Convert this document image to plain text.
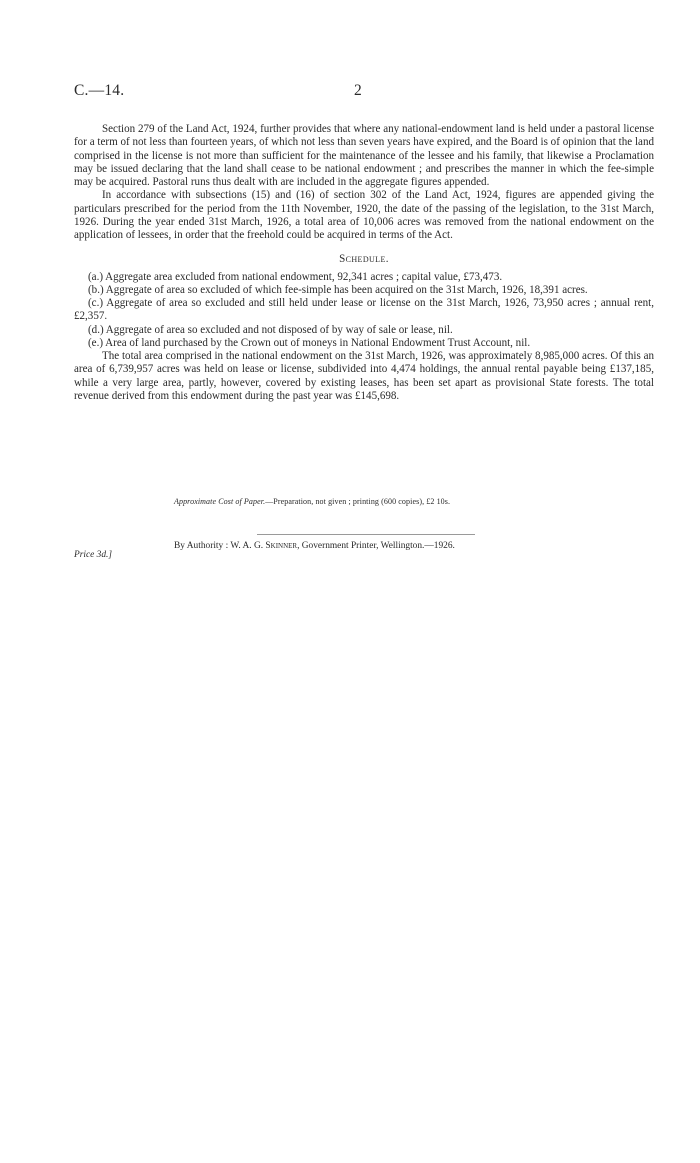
C.—14.	2

Section 279 of the Land Act, 1924, further provides that where any national-endowment land is held under a pastoral license for a term of not less than fourteen years, of which not less than seven years have expired, and the Board is of opinion that the land comprised in the license is not more than sufficient for the maintenance of the lessee and his family, that likewise a Proclamation may be issued declaring that the land shall cease to be national endowment ; and prescribes the manner in which the fee-simple may be acquired. Pastoral runs thus dealt with are included in the aggregate figures appended.

In accordance with subsections (15) and (16) of section 302 of the Land Act, 1924, figures are appended giving the particulars prescribed for the period from the 11th November, 1920, the date of the passing of the legislation, to the 31st March, 1926. During the year ended 31st March, 1926, a total area of 10,006 acres was removed from the national endowment on the application of lessees, in order that the freehold could be acquired in terms of the Act.

Schedule.

(a.) Aggregate area excluded from national endowment, 92,341 acres ; capital value, £73,473.

(b.) Aggregate of area so excluded of which fee-simple has been acquired on the 31st March, 1926, 18,391 acres.

(c.) Aggregate of area so excluded and still held under lease or license on the 31st March, 1926, 73,950 acres ; annual rent, £2,357.

(d.) Aggregate of area so excluded and not disposed of by way of sale or lease, nil.

(e.) Area of land purchased by the Crown out of moneys in National Endowment Trust Account, nil.

The total area comprised in the national endowment on the 31st March, 1926, was approximately 8,985,000 acres. Of this an area of 6,739,957 acres was held on lease or license, subdivided into 4,474 holdings, the annual rental payable being £137,185, while a very large area, partly, however, covered by existing leases, has been set apart as provisional State forests. The total revenue derived from this endowment during the past year was £145,698.

Approximate Cost of Paper.—Preparation, not given ; printing (600 copies), £2 10s.
By Authority : W. A. G. Skinner, Government Printer, Wellington.—1926.
Price 3d.]
